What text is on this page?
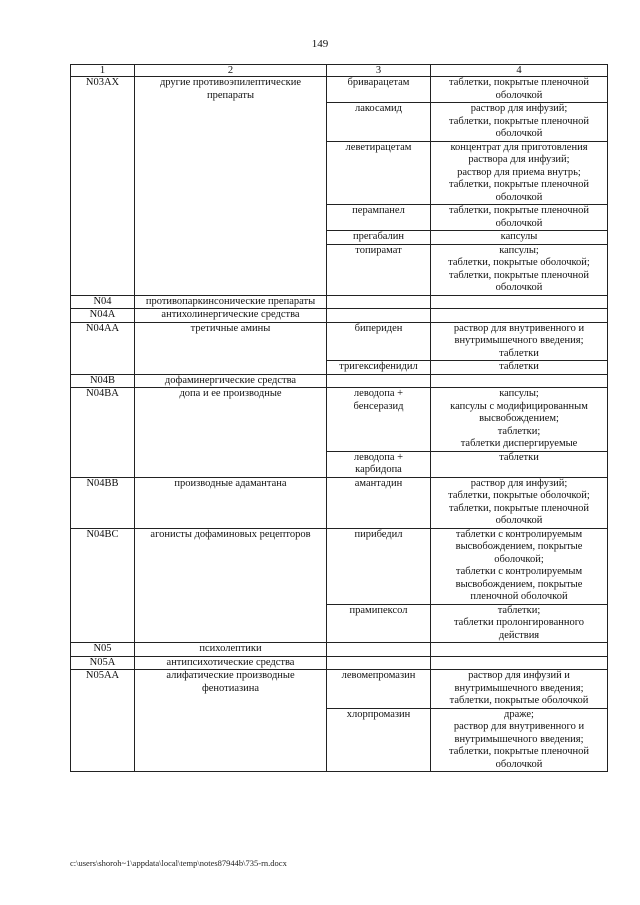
149
1	2	3	4
N03AX	другие противоэпилептические препараты	бриварацетам	таблетки, покрытые пленочной оболочкой

		лакосамид	раствор для инфузий;
таблетки, покрытые пленочной оболочкой

		леветирацетам	концентрат для приготовления раствора для инфузий;
раствор для приема внутрь;
таблетки, покрытые пленочной оболочкой

		перампанел	таблетки, покрытые пленочной оболочкой

		прегабалин	капсулы

		топирамат	капсулы;
таблетки, покрытые оболочкой;
таблетки, покрытые пленочной оболочкой

N04	противопаркинсонические препараты		
N04A	антихолинергические средства		
N04AA	третичные амины	бипериден	раствор для внутривенного и внутримышечного введения;
таблетки

		тригексифенидил	таблетки

N04B	дофаминергические средства		
N04BA	допа и ее производные	леводопа + бенсеразид	капсулы;
капсулы с модифицированным высвобождением;
таблетки;
таблетки диспергируемые

		леводопа + карбидопа	таблетки

N04BB	производные адамантана	амантадин	раствор для инфузий;
таблетки, покрытые оболочкой;
таблетки, покрытые пленочной оболочкой

N04BC	агонисты дофаминовых рецепторов	пирибедил	таблетки с контролируемым высвобождением, покрытые оболочкой;
таблетки с контролируемым высвобождением, покрытые пленочной оболочкой

		прамипексол	таблетки;
таблетки пролонгированного действия

N05	психолептики		
N05A	антипсихотические средства		
N05AA	алифатические производные фенотиазина	левомепромазин	раствор для инфузий и внутримышечного введения;
таблетки, покрытые оболочкой

		хлорпромазин	драже;
раствор для внутривенного и внутримышечного введения;
таблетки, покрытые пленочной оболочкой
c:\users\shoroh~1\appdata\local\temp\notes87944b\735-rn.docx
